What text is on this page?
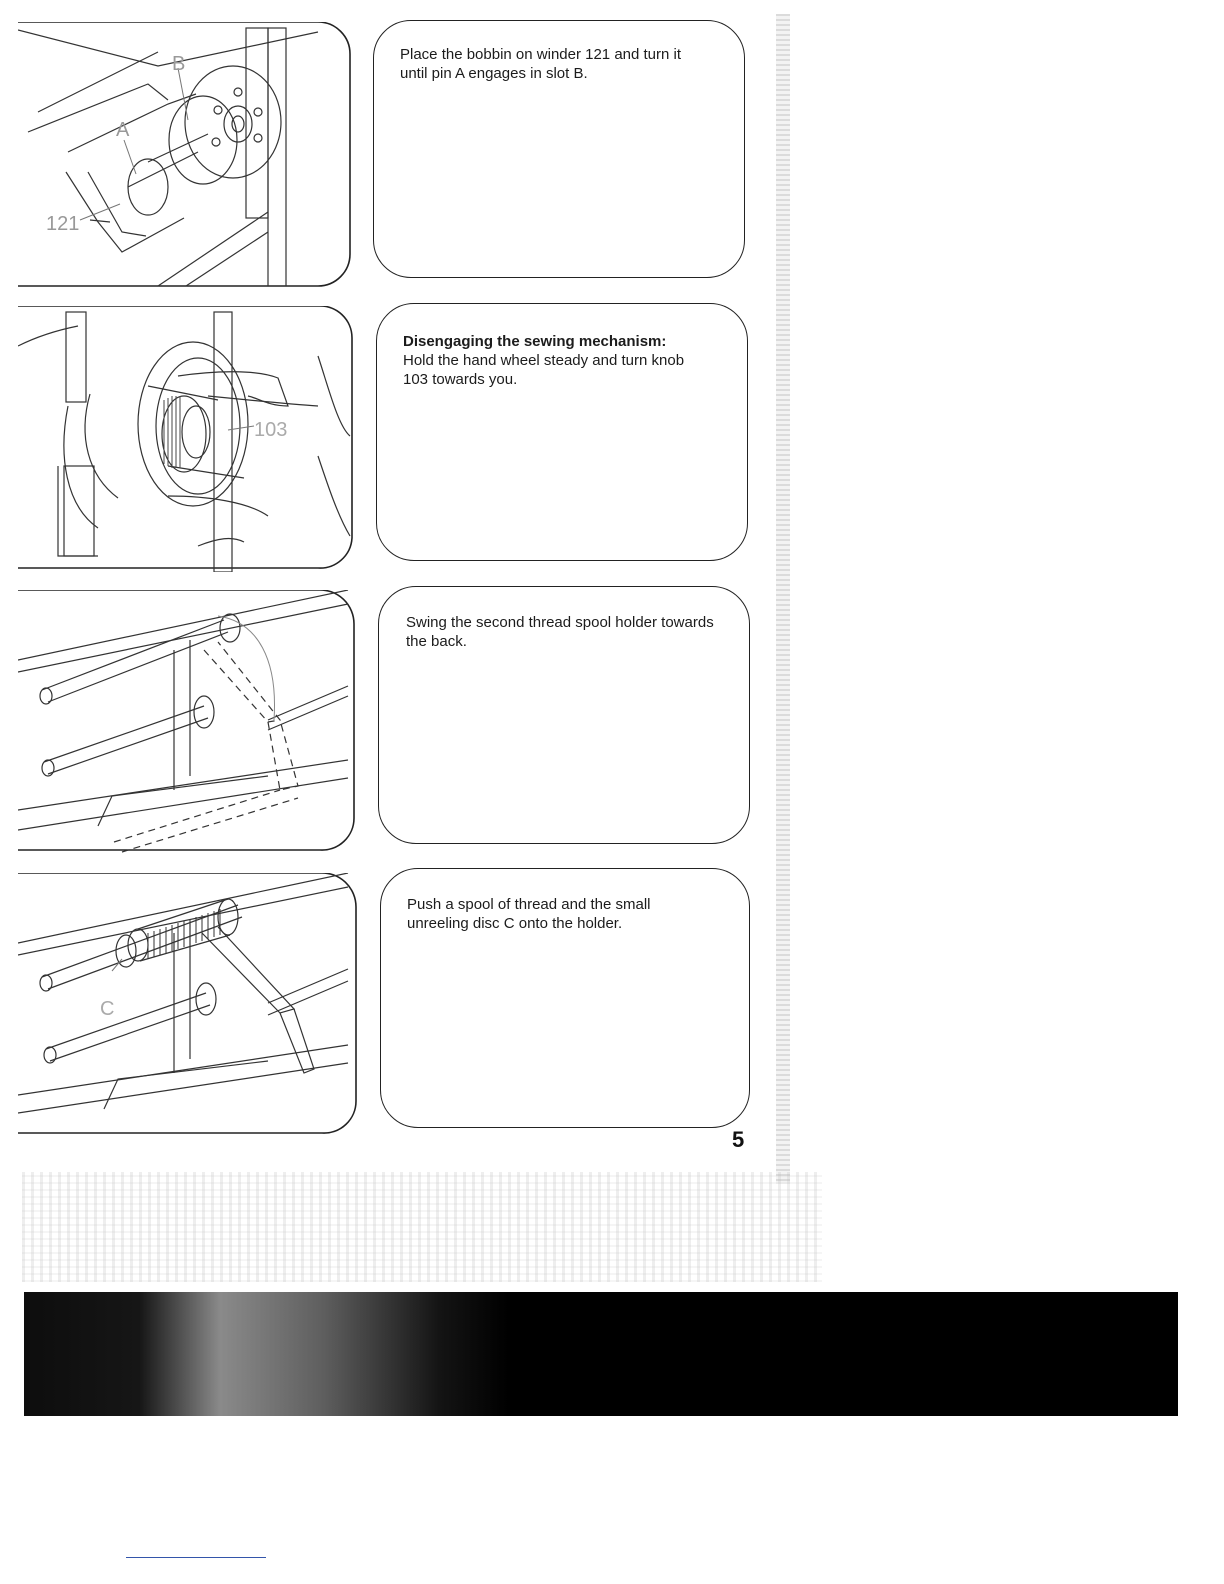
B
A
121
Place the bobbin on winder 121 and turn it until pin A engages in slot B.
103
Disengaging the sewing mechanism:
Hold the hand wheel steady and turn knob 103 towards you.
Swing the second thread spool holder towards the back.
C
Push a spool of thread and the small unreeling disc C onto the holder.
5
